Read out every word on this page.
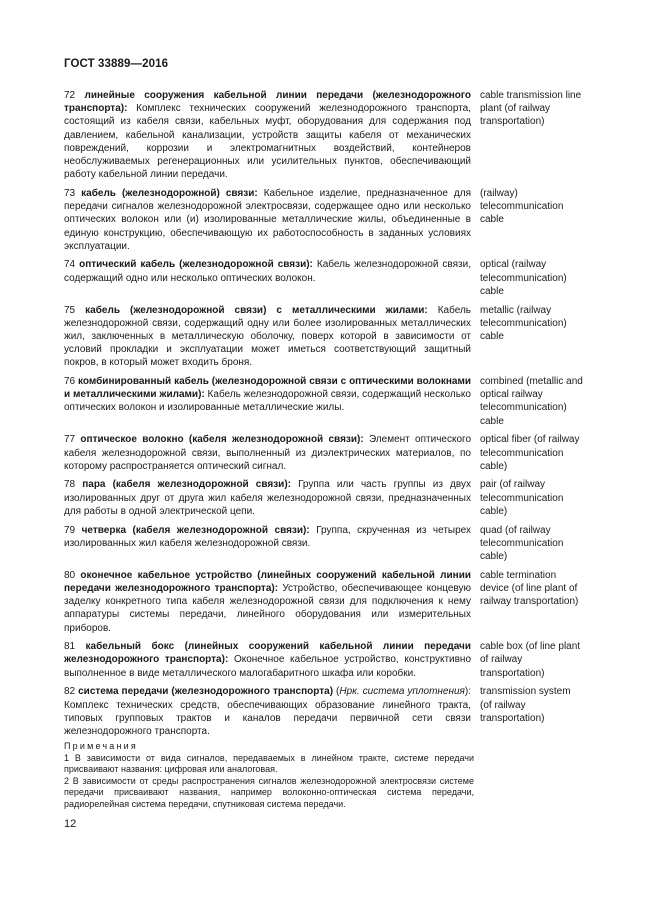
ГОСТ 33889—2016
72 линейные сооружения кабельной линии передачи (железнодорожного транспорта): Комплекс технических сооружений железнодорожного транспорта, состоящий из кабеля связи, кабельных муфт, оборудования для содержания под давлением, кабельной канализации, устройств защиты кабеля от механических повреждений, коррозии и электромагнитных воздействий, контейнеров необслуживаемых регенерационных или усилительных пунктов, обеспечивающий работу кабельной линии передачи.
cable transmission line plant (of railway transportation)
73 кабель (железнодорожной) связи: Кабельное изделие, предназначенное для передачи сигналов железнодорожной электросвязи, содержащее одно или несколько оптических волокон или (и) изолированные металлические жилы, объединенные в единую конструкцию, обеспечивающую их работоспособность в заданных условиях эксплуатации.
(railway) telecommunication cable
74 оптический кабель (железнодорожной связи): Кабель железнодорожной связи, содержащий одно или несколько оптических волокон.
optical (railway telecommunication) cable
75 кабель (железнодорожной связи) с металлическими жилами: Кабель железнодорожной связи, содержащий одну или более изолированных металлических жил, заключенных в металлическую оболочку, поверх которой в зависимости от условий прокладки и эксплуатации может иметься соответствующий защитный покров, в который может входить броня.
metallic (railway telecommunication) cable
76 комбинированный кабель (железнодорожной связи с оптическими волокнами и металлическими жилами): Кабель железнодорожной связи, содержащий несколько оптических волокон и изолированные металлические жилы.
combined (metallic and optical railway telecommunication) cable
77 оптическое волокно (кабеля железнодорожной связи): Элемент оптического кабеля железнодорожной связи, выполненный из диэлектрических материалов, по которому распространяется оптический сигнал.
optical fiber (of railway telecommunication cable)
78 пара (кабеля железнодорожной связи): Группа или часть группы из двух изолированных друг от друга жил кабеля железнодорожной связи, предназначенных для работы в одной электрической цепи.
pair (of railway telecommunication cable)
79 четверка (кабеля железнодорожной связи): Группа, скрученная из четырех изолированных жил кабеля железнодорожной связи.
quad (of railway telecommunication cable)
80 оконечное кабельное устройство (линейных сооружений кабельной линии передачи железнодорожного транспорта): Устройство, обеспечивающее концевую заделку конкретного типа кабеля железнодорожной связи для подключения к нему аппаратуры системы передачи, линейного оборудования или измерительных приборов.
cable termination device (of line plant of railway transportation)
81 кабельный бокс (линейных сооружений кабельной линии передачи железнодорожного транспорта): Оконечное кабельное устройство, конструктивно выполненное в виде металлического малогабаритного шкафа или коробки.
cable box (of line plant of railway transportation)
82 система передачи (железнодорожного транспорта) (Нрк. система уплотнения): Комплекс технических средств, обеспечивающих образование линейного тракта, типовых групповых трактов и каналов передачи первичной сети связи железнодорожного транспорта.
transmission system (of railway transportation)
Примечания
1 В зависимости от вида сигналов, передаваемых в линейном тракте, системе передачи присваивают названия: цифровая или аналоговая.
2 В зависимости от среды распространения сигналов железнодорожной электросвязи системе передачи присваивают названия, например волоконно-оптическая система передачи, радиорелейная система передачи, спутниковая система передачи.
12
